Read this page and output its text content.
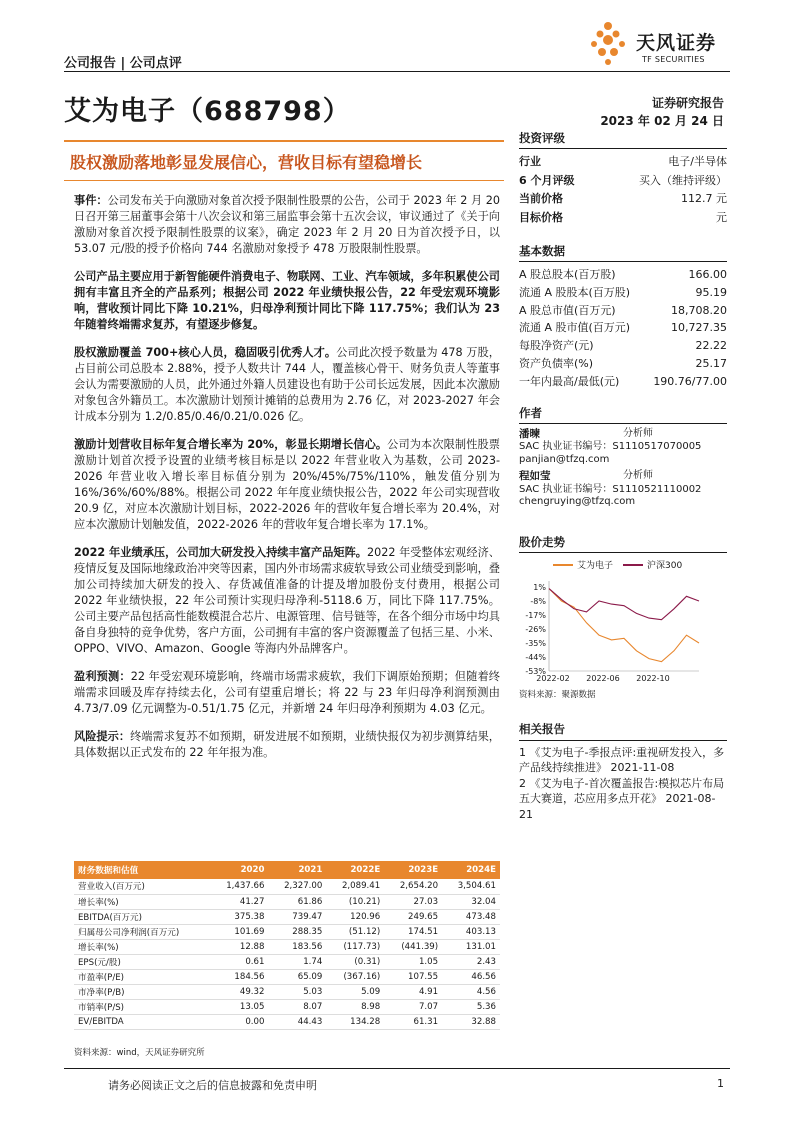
公司报告 | 公司点评
天风证券
TF SECURITIES
艾为电子（688798）	证券研究报告
2023 年 02 月 24 日
股权激励落地彰显发展信心，营收目标有望稳增长

事件：公司发布关于向激励对象首次授予限制性股票的公告，公司于 2023 年 2 月 20 日召开第三届董事会第十八次会议和第三届监事会第十五次会议，审议通过了《关于向激励对象首次授予限制性股票的议案》，确定 2023 年 2 月 20 日为首次授予日，以 53.07 元/股的授予价格向 744 名激励对象授予 478 万股限制性股票。

公司产品主要应用于新智能硬件消费电子、物联网、工业、汽车领域，多年积累使公司拥有丰富且齐全的产品系列；根据公司 2022 年业绩快报公告，22 年受宏观环境影响，营收预计同比下降 10.21%，归母净利预计同比下降 117.75%；我们认为 23 年随着终端需求复苏，有望逐步修复。

股权激励覆盖 700+核心人员，稳固吸引优秀人才。公司此次授予数量为 478 万股，占目前公司总股本 2.88%，授予人数共计 744 人，覆盖核心骨干、财务负责人等董事会认为需要激励的人员，此外通过外籍人员建设也有助于公司长远发展，因此本次激励对象包含外籍员工。本次激励计划预计摊销的总费用为 2.76 亿，对 2023-2027 年会计成本分别为 1.2/0.85/0.46/0.21/0.026 亿。

激励计划营收目标年复合增长率为 20%，彰显长期增长信心。公司为本次限制性股票激励计划首次授予设置的业绩考核目标是以 2022 年营业收入为基数，公司 2023-2026 年营业收入增长率目标值分别为 20%/45%/75%/110%，触发值分别为 16%/36%/60%/88%。根据公司 2022 年年度业绩快报公告，2022 年公司实现营收 20.9 亿，对应本次激励计划目标，2022-2026 年的营收年复合增长率为 20.4%，对应本次激励计划触发值，2022-2026 年的营收年复合增长率为 17.1%。

2022 年业绩承压，公司加大研发投入持续丰富产品矩阵。2022 年受整体宏观经济、疫情反复及国际地缘政治冲突等因素，国内外市场需求疲软导致公司业绩受到影响，叠加公司持续加大研发的投入、存货减值准备的计提及增加股份支付费用，根据公司 2022 年业绩快报，22 年公司预计实现归母净利-5118.6 万，同比下降 117.75%。公司主要产品包括高性能数模混合芯片、电源管理、信号链等，在各个细分市场中均具备自身独特的竞争优势，客户方面，公司拥有丰富的客户资源覆盖了包括三星、小米、OPPO、VIVO、Amazon、Google 等海内外品牌客户。

盈利预测：22 年受宏观环境影响，终端市场需求疲软，我们下调原始预期；但随着终端需求回暖及库存持续去化，公司有望重启增长；将 22 与 23 年归母净利润预测由 4.73/7.09 亿元调整为-0.51/1.75 亿元，并新增 24 年归母净利预期为 4.03 亿元。

风险提示：终端需求复苏不如预期，研发进展不如预期，业绩快报仅为初步测算结果，具体数据以正式发布的 22 年年报为准。

投资评级
行业	电子/半导体
6 个月评级	买入（维持评级）
当前价格	112.7 元
目标价格	元
基本数据
A 股总股本(百万股)	166.00
流通 A 股股本(百万股)	95.19
A 股总市值(百万元)	18,708.20
流通 A 股市值(百万元)	10,727.35
每股净资产(元)	22.22
资产负债率(%)	25.17
一年内最高/最低(元)	190.76/77.00
作者
潘暕	分析师
SAC 执业证书编号：S1110517070005
panjian@tfzq.com
程如莹	分析师
SAC 执业证书编号：S1110521110002
chengruying@tfzq.com
股价走势
艾为电子	沪深300
1%
-8%
-17%
-26%
-35%
-44%
-53%
2022-02 2022-06 2022-10
资料来源：聚源数据
相关报告
1 《艾为电子-季报点评:重视研发投入，多产品线持续推进》 2021-11-08
2 《艾为电子-首次覆盖报告:模拟芯片布局五大赛道，芯应用多点开花》 2021-08-21
财务数据和估值	2020	2021	2022E	2023E	2024E
营业收入(百万元)	1,437.66	2,327.00	2,089.41	2,654.20	3,504.61
增长率(%)	41.27	61.86	(10.21)	27.03	32.04
EBITDA(百万元)	375.38	739.47	120.96	249.65	473.48
归属母公司净利润(百万元)	101.69	288.35	(51.12)	174.51	403.13
增长率(%)	12.88	183.56	(117.73)	(441.39)	131.01
EPS(元/股)	0.61	1.74	(0.31)	1.05	2.43
市盈率(P/E)	184.56	65.09	(367.16)	107.55	46.56
市净率(P/B)	49.32	5.03	5.09	4.91	4.56
市销率(P/S)	13.05	8.07	8.98	7.07	5.36
EV/EBITDA	0.00	44.43	134.28	61.31	32.88
资料来源：wind，天风证券研究所
请务必阅读正文之后的信息披露和免责申明	1
